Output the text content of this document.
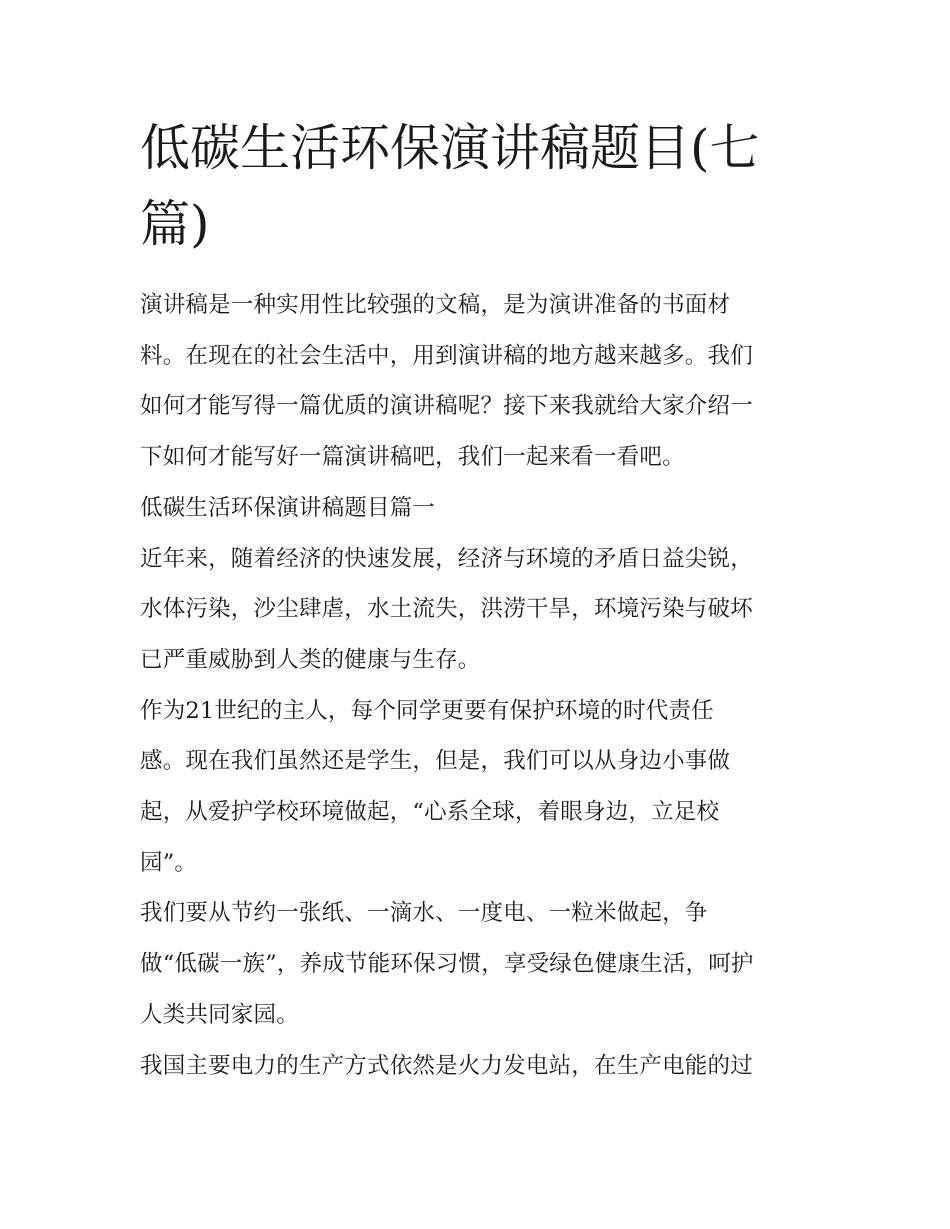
低碳生活环保演讲稿题目(七 篇)

演讲稿是一种实用性比较强的文稿，是为演讲准备的书面材
料。在现在的社会生活中，用到演讲稿的地方越来越多。我们
如何才能写得一篇优质的演讲稿呢？接下来我就给大家介绍一
下如何才能写好一篇演讲稿吧，我们一起来看一看吧。

低碳生活环保演讲稿题目篇一

近年来，随着经济的快速发展，经济与环境的矛盾日益尖锐，
水体污染，沙尘肆虐，水土流失，洪涝干旱，环境污染与破坏
已严重威胁到人类的健康与生存。

作为21世纪的主人，每个同学更要有保护环境的时代责任
感。现在我们虽然还是学生，但是，我们可以从身边小事做
起，从爱护学校环境做起，“心系全球，着眼身边，立足校
园”。

我们要从节约一张纸、一滴水、一度电、一粒米做起，争
做“低碳一族”，养成节能环保习惯，享受绿色健康生活，呵护
人类共同家园。

我国主要电力的生产方式依然是火力发电站，在生产电能的过
